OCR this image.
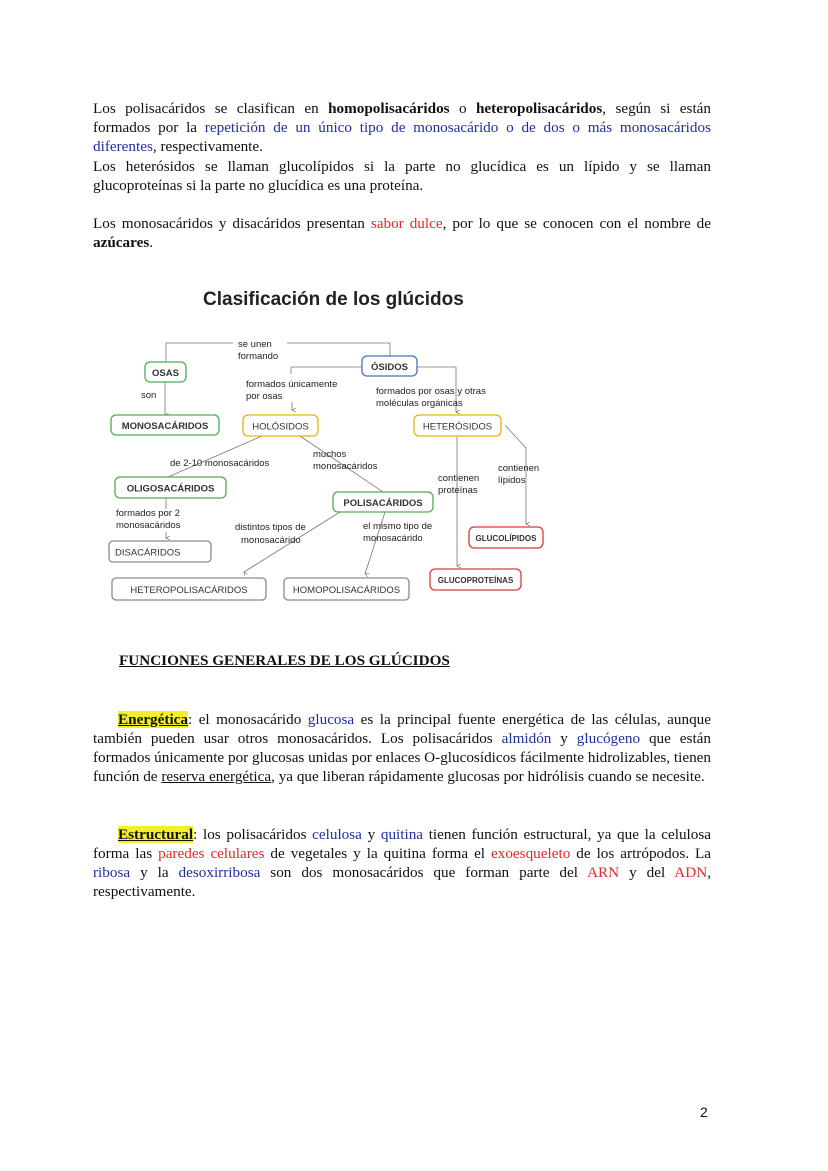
Los polisacáridos se clasifican en homopolisacáridos o heteropolisacáridos, según si están formados por la repetición de un único tipo de monosacárido o de dos o más monosacáridos diferentes, respectivamente.
Los heterósidos se llaman glucolípidos si la parte no glucídica es un lípido y se llaman glucoproteínas si la parte no glucídica es una proteína.
Los monosacáridos y disacáridos presentan sabor dulce, por lo que se conocen con el nombre de azúcares.
Clasificación de los glúcidos
OSAS
ÓSIDOS
MONOSACÁRIDOS	HOLÓSIDOS	HETERÓSIDOS
OLIGOSACÁRIDOS
POLISACÁRIDOS
DISACÁRIDOS
GLUCOLÍPIDOS
GLUCOPROTEÍNAS
HETEROPOLISACÁRIDOS	HOMOPOLISACÁRIDOS
se unen
formando
son
formados únicamente
por osas	formados por osas y otras
moléculas orgánicas
de 2-10 monosacáridos
muchos
monosacáridos
contienen
proteínas
contienen
lípidos
formados por 2
monosacáridos	distintos tipos de
monosacárido
el mismo tipo de
monosacárido
FUNCIONES GENERALES DE LOS GLÚCIDOS
Energética: el monosacárido glucosa es la principal fuente energética de las células, aunque también pueden usar otros monosacáridos. Los polisacáridos almidón y glucógeno que están formados únicamente por glucosas unidas por enlaces O-glucosídicos fácilmente hidrolizables, tienen función de reserva energética, ya que liberan rápidamente glucosas por hidrólisis cuando se necesite.
Estructural: los polisacáridos celulosa y quitina tienen función estructural, ya que la celulosa forma las paredes celulares de vegetales y la quitina forma el exoesqueleto de los artrópodos. La ribosa y la desoxirribosa son dos monosacáridos que forman parte del ARN y del ADN, respectivamente.
2
